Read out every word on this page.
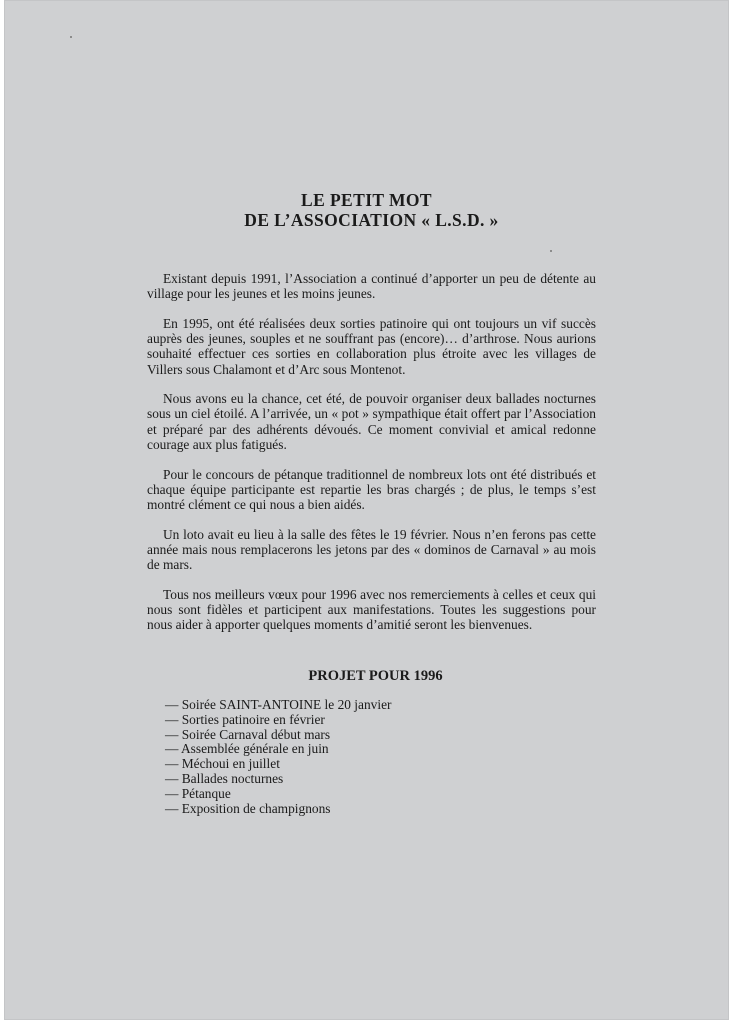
LE PETIT MOT
DE L’ASSOCIATION « L.S.D. »

Existant depuis 1991, l’Association a continué d’apporter un peu de détente au village pour les jeunes et les moins jeunes.

En 1995, ont été réalisées deux sorties patinoire qui ont toujours un vif succès auprès des jeunes, souples et ne souffrant pas (encore)… d’arthrose. Nous aurions souhaité effectuer ces sorties en collaboration plus étroite avec les villages de Villers sous Chalamont et d’Arc sous Montenot.

Nous avons eu la chance, cet été, de pouvoir organiser deux ballades nocturnes sous un ciel étoilé. A l’arrivée, un « pot » sympathique était offert par l’Association et préparé par des adhérents dévoués. Ce moment convivial et amical redonne courage aux plus fatigués.

Pour le concours de pétanque traditionnel de nombreux lots ont été distribués et chaque équipe participante est repartie les bras chargés ; de plus, le temps s’est montré clément ce qui nous a bien aidés.

Un loto avait eu lieu à la salle des fêtes le 19 février. Nous n’en ferons pas cette année mais nous remplacerons les jetons par des « dominos de Carnaval » au mois de mars.

Tous nos meilleurs vœux pour 1996 avec nos remerciements à celles et ceux qui nous sont fidèles et participent aux manifestations. Toutes les suggestions pour nous aider à apporter quelques moments d’amitié seront les bienvenues.

PROJET POUR 1996
— Soirée SAINT-ANTOINE le 20 janvier
— Sorties patinoire en février
— Soirée Carnaval début mars
— Assemblée générale en juin
— Méchoui en juillet
— Ballades nocturnes
— Pétanque
— Exposition de champignons
